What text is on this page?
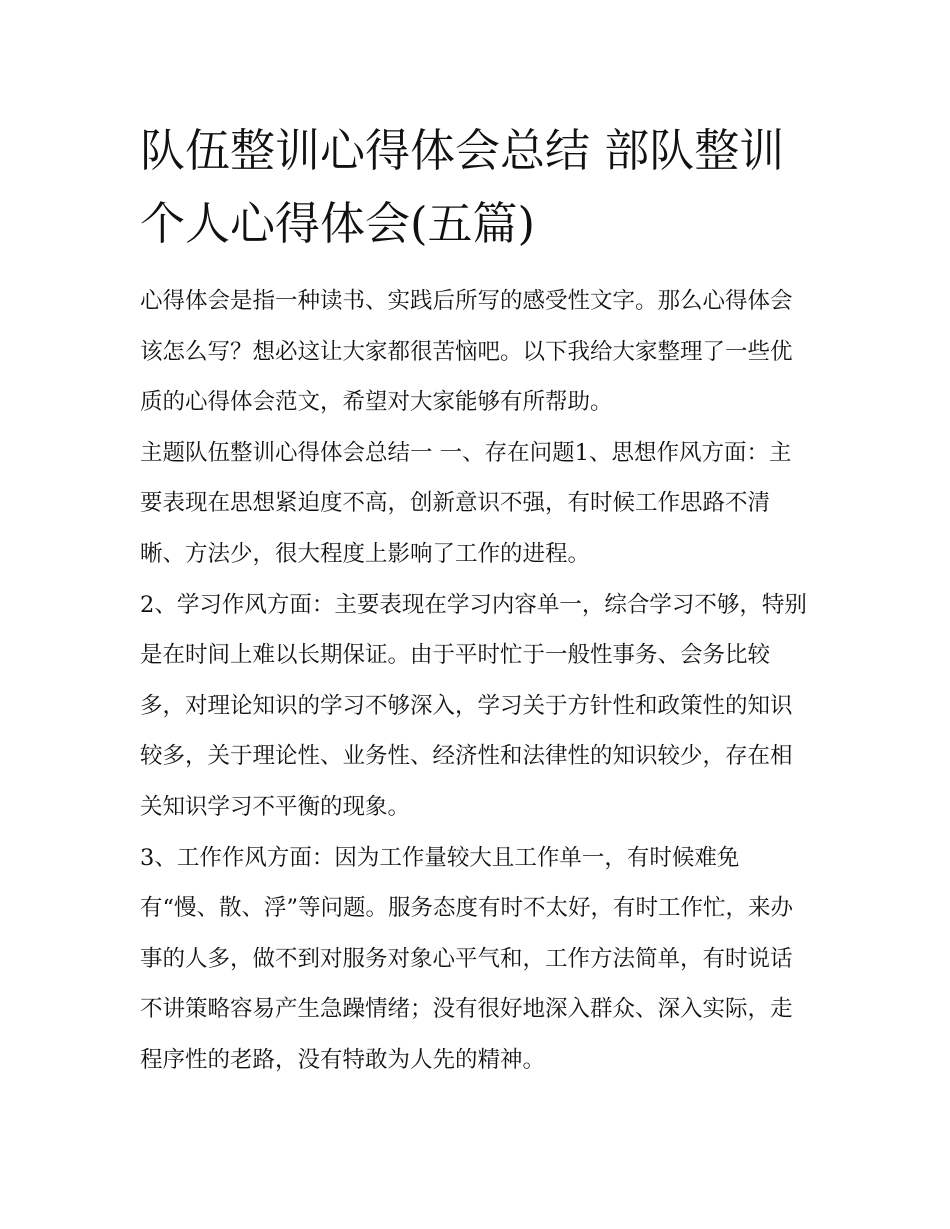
队伍整训心得体会总结 部队整训个人心得体会(五篇)

心得体会是指一种读书、实践后所写的感受性文字。那么心得体会该怎么写？想必这让大家都很苦恼吧。以下我给大家整理了一些优质的心得体会范文，希望对大家能够有所帮助。

主题队伍整训心得体会总结一 一、存在问题1、思想作风方面：主要表现在思想紧迫度不高，创新意识不强，有时候工作思路不清晰、方法少，很大程度上影响了工作的进程。

2、学习作风方面：主要表现在学习内容单一，综合学习不够，特别是在时间上难以长期保证。由于平时忙于一般性事务、会务比较多，对理论知识的学习不够深入，学习关于方针性和政策性的知识较多，关于理论性、业务性、经济性和法律性的知识较少，存在相关知识学习不平衡的现象。

3、工作作风方面：因为工作量较大且工作单一，有时候难免有“慢、散、浮”等问题。服务态度有时不太好，有时工作忙，来办事的人多，做不到对服务对象心平气和，工作方法简单，有时说话不讲策略容易产生急躁情绪；没有很好地深入群众、深入实际，走程序性的老路，没有特敢为人先的精神。
